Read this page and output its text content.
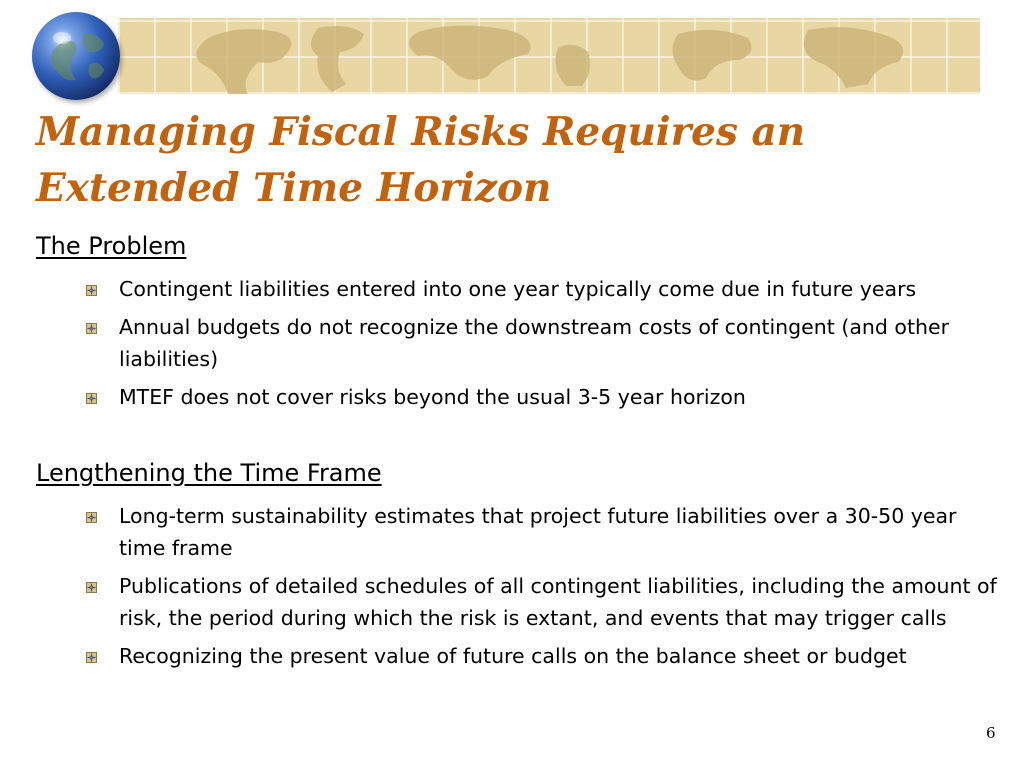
Managing Fiscal Risks Requires an
Extended Time Horizon
The Problem
Contingent liabilities entered into one year typically come due in future years
Annual budgets do not recognize the downstream costs of contingent (and other liabilities)
MTEF does not cover risks beyond the usual 3-5 year horizon
Lengthening the Time Frame
Long-term sustainability estimates that project future liabilities over a 30-50 year time frame
Publications of detailed schedules of all contingent liabilities, including the amount of risk, the period during which the risk is extant, and events that may trigger calls
Recognizing the present value of future calls on the balance sheet or budget
6
